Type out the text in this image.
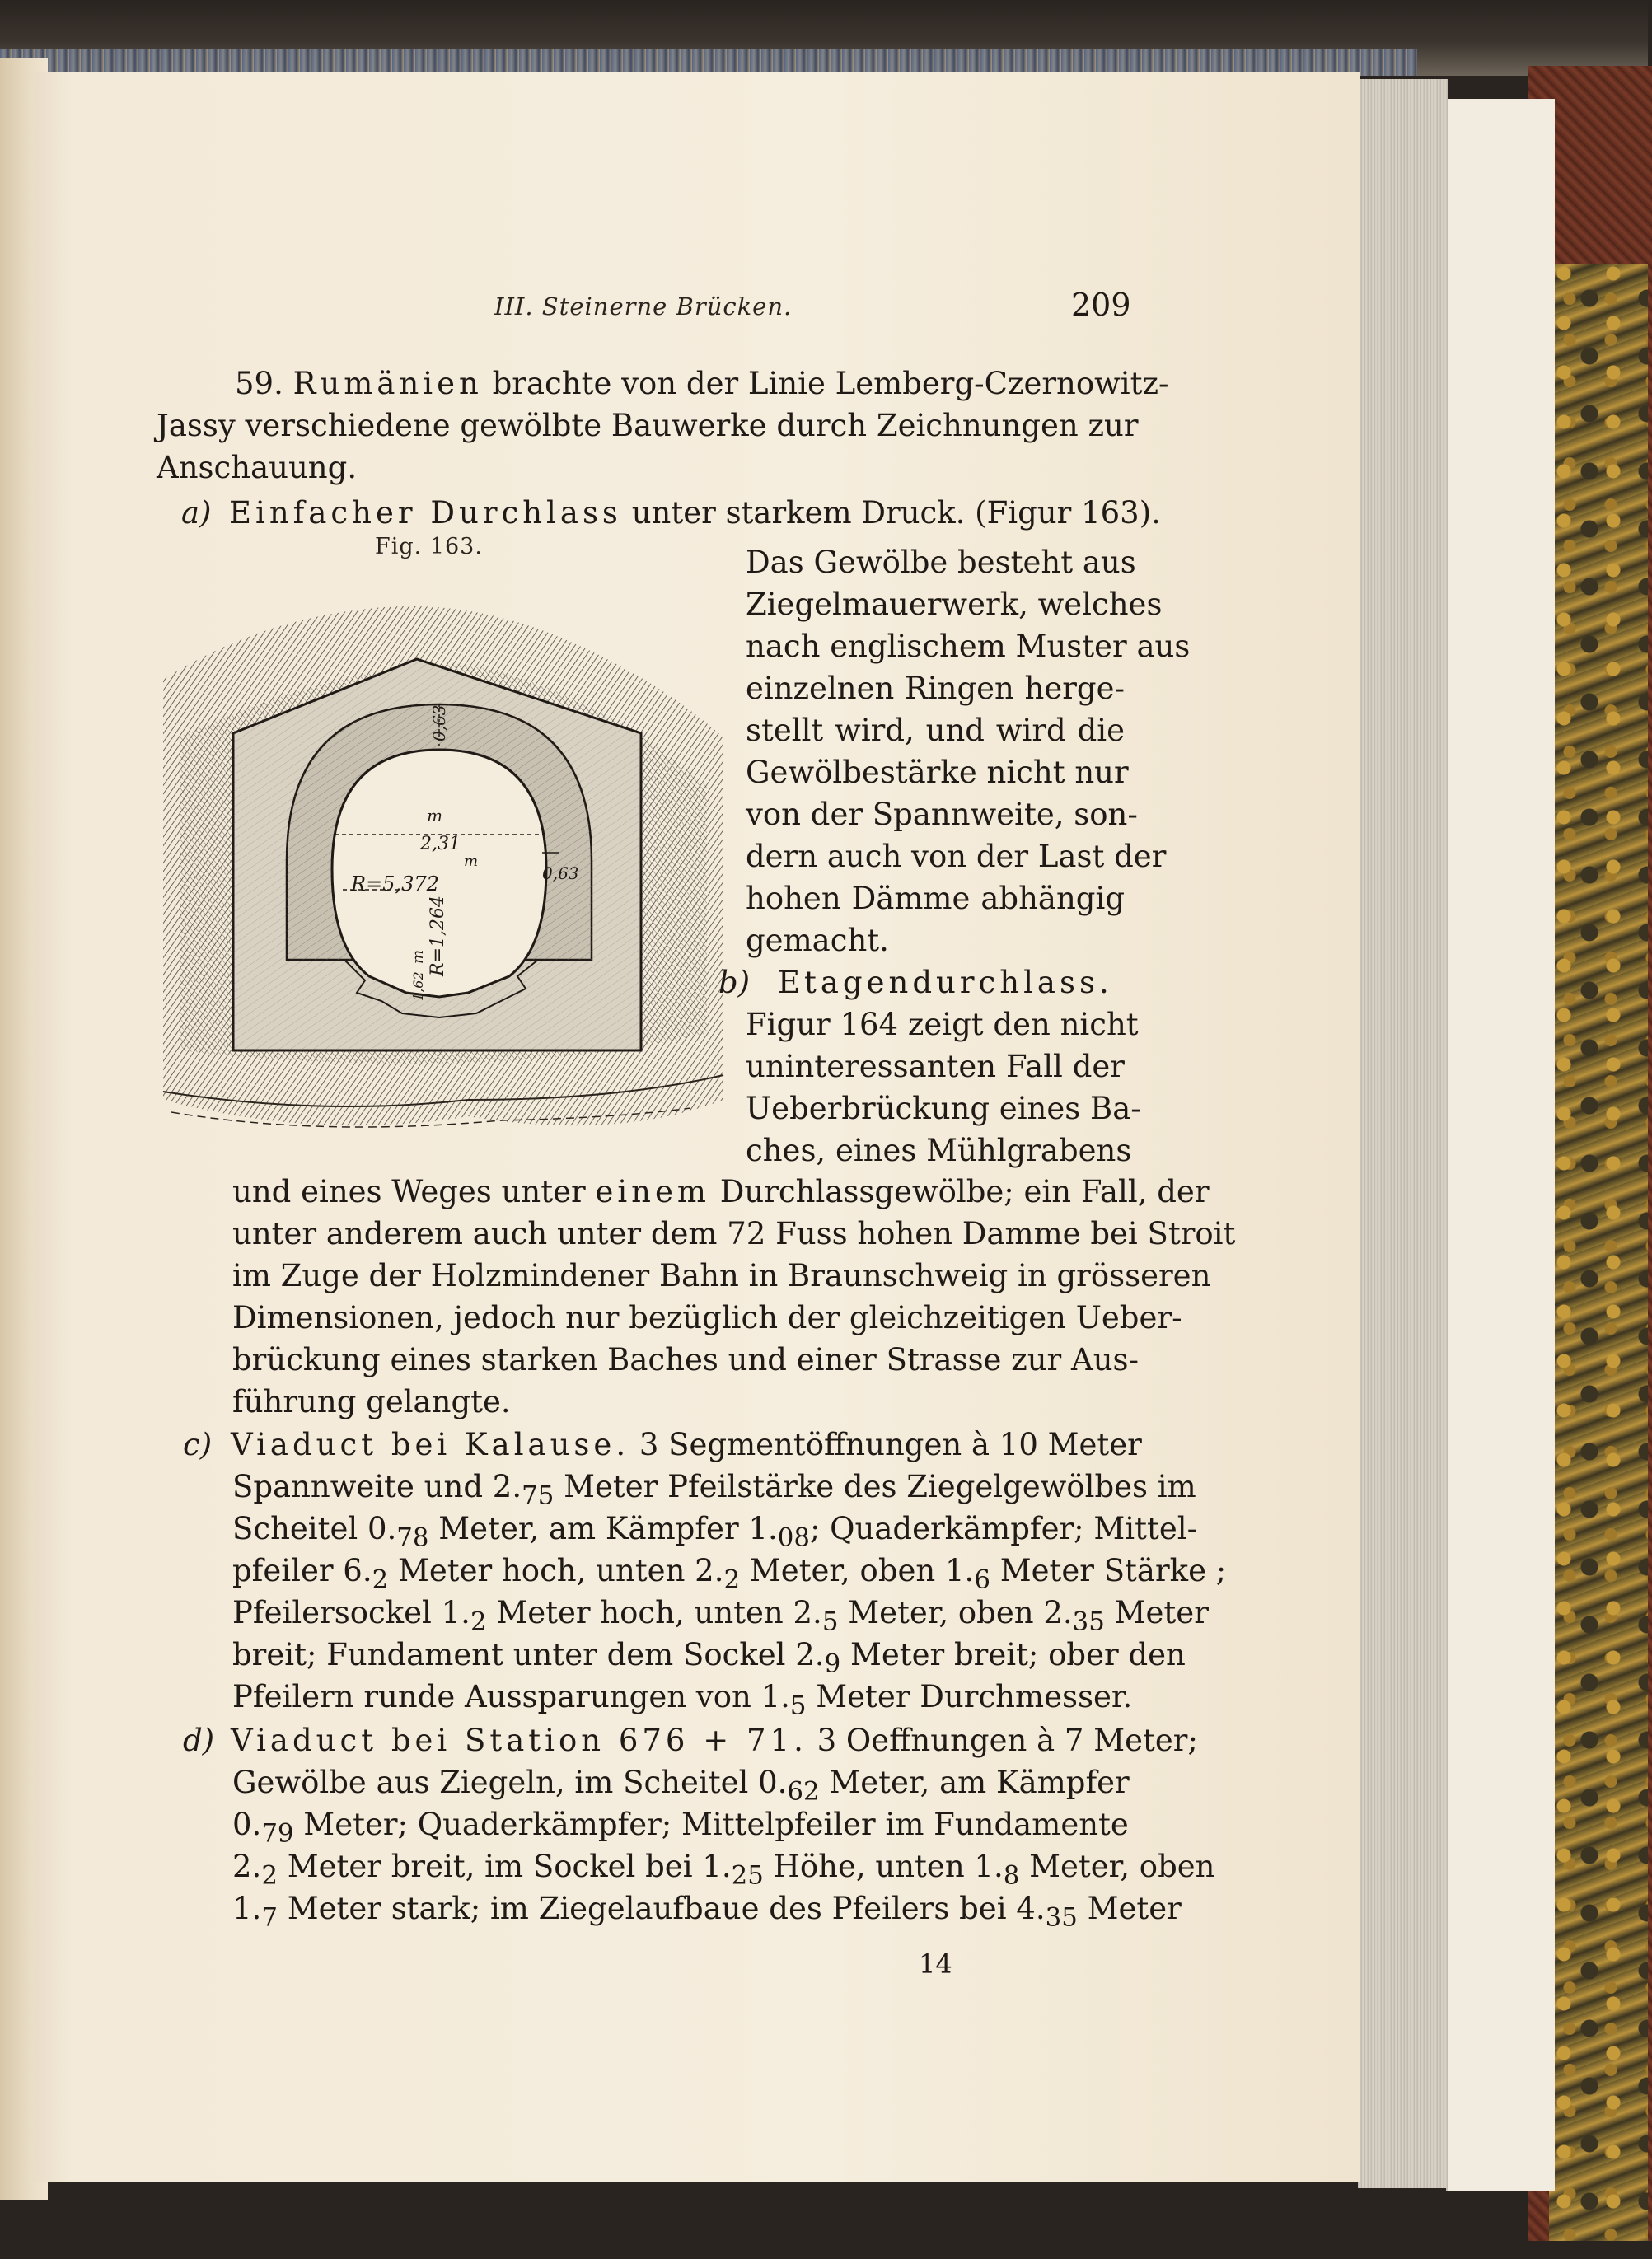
III. Steinerne Brücken.	209
59. Rumänien brachte von der Linie Lemberg-Czernowitz-
Jassy verschiedene gewölbte Bauwerke durch Zeichnungen zur
Anschauung.
a) Einfacher Durchlass unter starkem Druck. (Figur 163).
Fig. 163.
m
2,31
R=5,372
m
0,63
0,63
m R=1,264
1,62
Das Gewölbe besteht aus
Ziegelmauerwerk, welches
nach englischem Muster aus
einzelnen Ringen herge-
stellt wird, und wird die
Gewölbestärke nicht nur
von der Spannweite, son-
dern auch von der Last der
hohen Dämme abhängig
gemacht.
b) Etagendurchlass.
Figur 164 zeigt den nicht
uninteressanten Fall der
Ueberbrückung eines Ba-
ches, eines Mühlgrabens
und eines Weges unter einem Durchlassgewölbe; ein Fall, der
unter anderem auch unter dem 72 Fuss hohen Damme bei Stroit
im Zuge der Holzmindener Bahn in Braunschweig in grösseren
Dimensionen, jedoch nur bezüglich der gleichzeitigen Ueber-
brückung eines starken Baches und einer Strasse zur Aus-
führung gelangte.
c) Viaduct bei Kalause. 3 Segmentöffnungen à 10 Meter
Spannweite und $2._{75}$ Meter Pfeilstärke des Ziegelgewölbes im
Scheitel $0._{78}$ Meter, am Kämpfer $1._{08}$; Quaderkämpfer; Mittel-
pfeiler $6._2$ Meter hoch, unten $2._2$ Meter, oben $1._6$ Meter Stärke ;
Pfeilersockel $1._2$ Meter hoch, unten $2._5$ Meter, oben $2._{35}$ Meter
breit; Fundament unter dem Sockel $2._9$ Meter breit; ober den
Pfeilern runde Aussparungen von $1._5$ Meter Durchmesser.
d) Viaduct bei Station 676 + 71. 3 Oeffnungen à 7 Meter;
Gewölbe aus Ziegeln, im Scheitel $0._{62}$ Meter, am Kämpfer
$0._{79}$ Meter; Quaderkämpfer; Mittelpfeiler im Fundamente
$2._2$ Meter breit, im Sockel bei $1._{25}$ Höhe, unten $1._8$ Meter, oben
$1._7$ Meter stark; im Ziegelaufbaue des Pfeilers bei $4._{35}$ Meter
14
